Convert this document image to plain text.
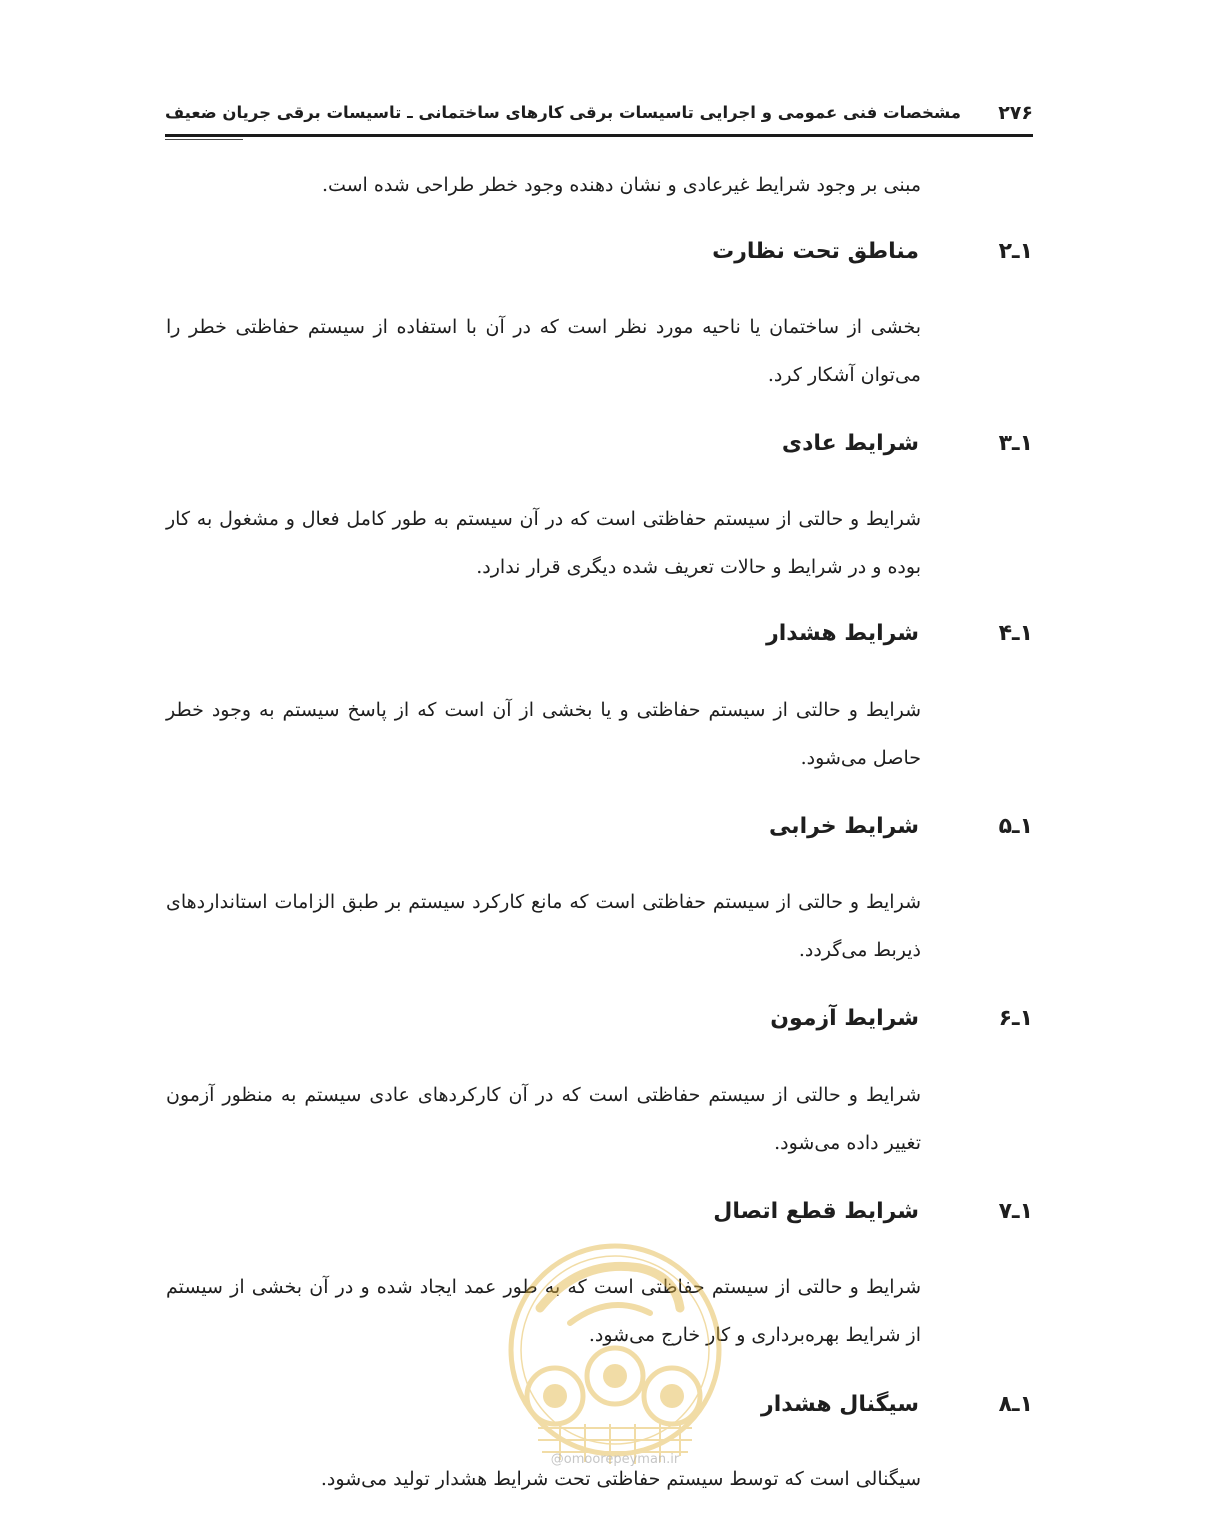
۲۷۶
مشخصات فنی عمومی و اجرایی تاسیسات برقی کارهای ساختمانی ـ تاسیسات برقی جریان ضعیف

مبنی بر وجود شرایط غیرعادی و نشان دهنده وجود خطر طراحی شده است.

۱ـ۲
مناطق تحت نظارت

بخشی از ساختمان یا ناحیه مورد نظر است که در آن با استفاده از سیستم حفاظتی خطر را می‌توان آشکار کرد.

۱ـ۳
شرایط عادی

شرایط و حالتی از سیستم حفاظتی است که در آن سیستم به طور کامل فعال و مشغول به کار بوده و در شرایط و حالات تعریف شده دیگری قرار ندارد.

۱ـ۴
شرایط هشدار

شرایط و حالتی از سیستم حفاظتی و یا بخشی از آن است که از پاسخ سیستم به وجود خطر حاصل می‌شود.

۱ـ۵
شرایط خرابی

شرایط و حالتی از سیستم حفاظتی است که مانع کارکرد سیستم بر طبق الزامات استانداردهای ذیربط می‌گردد.

۱ـ۶
شرایط آزمون

شرایط و حالتی از سیستم حفاظتی است که در آن کارکردهای عادی سیستم به منظور آزمون تغییر داده می‌شود.

۱ـ۷
شرایط قطع اتصال

شرایط و حالتی از سیستم حفاظتی است که به طور عمد ایجاد شده و در آن بخشی از سیستم از شرایط بهره‌برداری و کار خارج می‌شود.

۱ـ۸
سیگنال هشدار

سیگنالی است که توسط سیستم حفاظتی تحت شرایط هشدار تولید می‌شود.

@omoorepeyman.ir
